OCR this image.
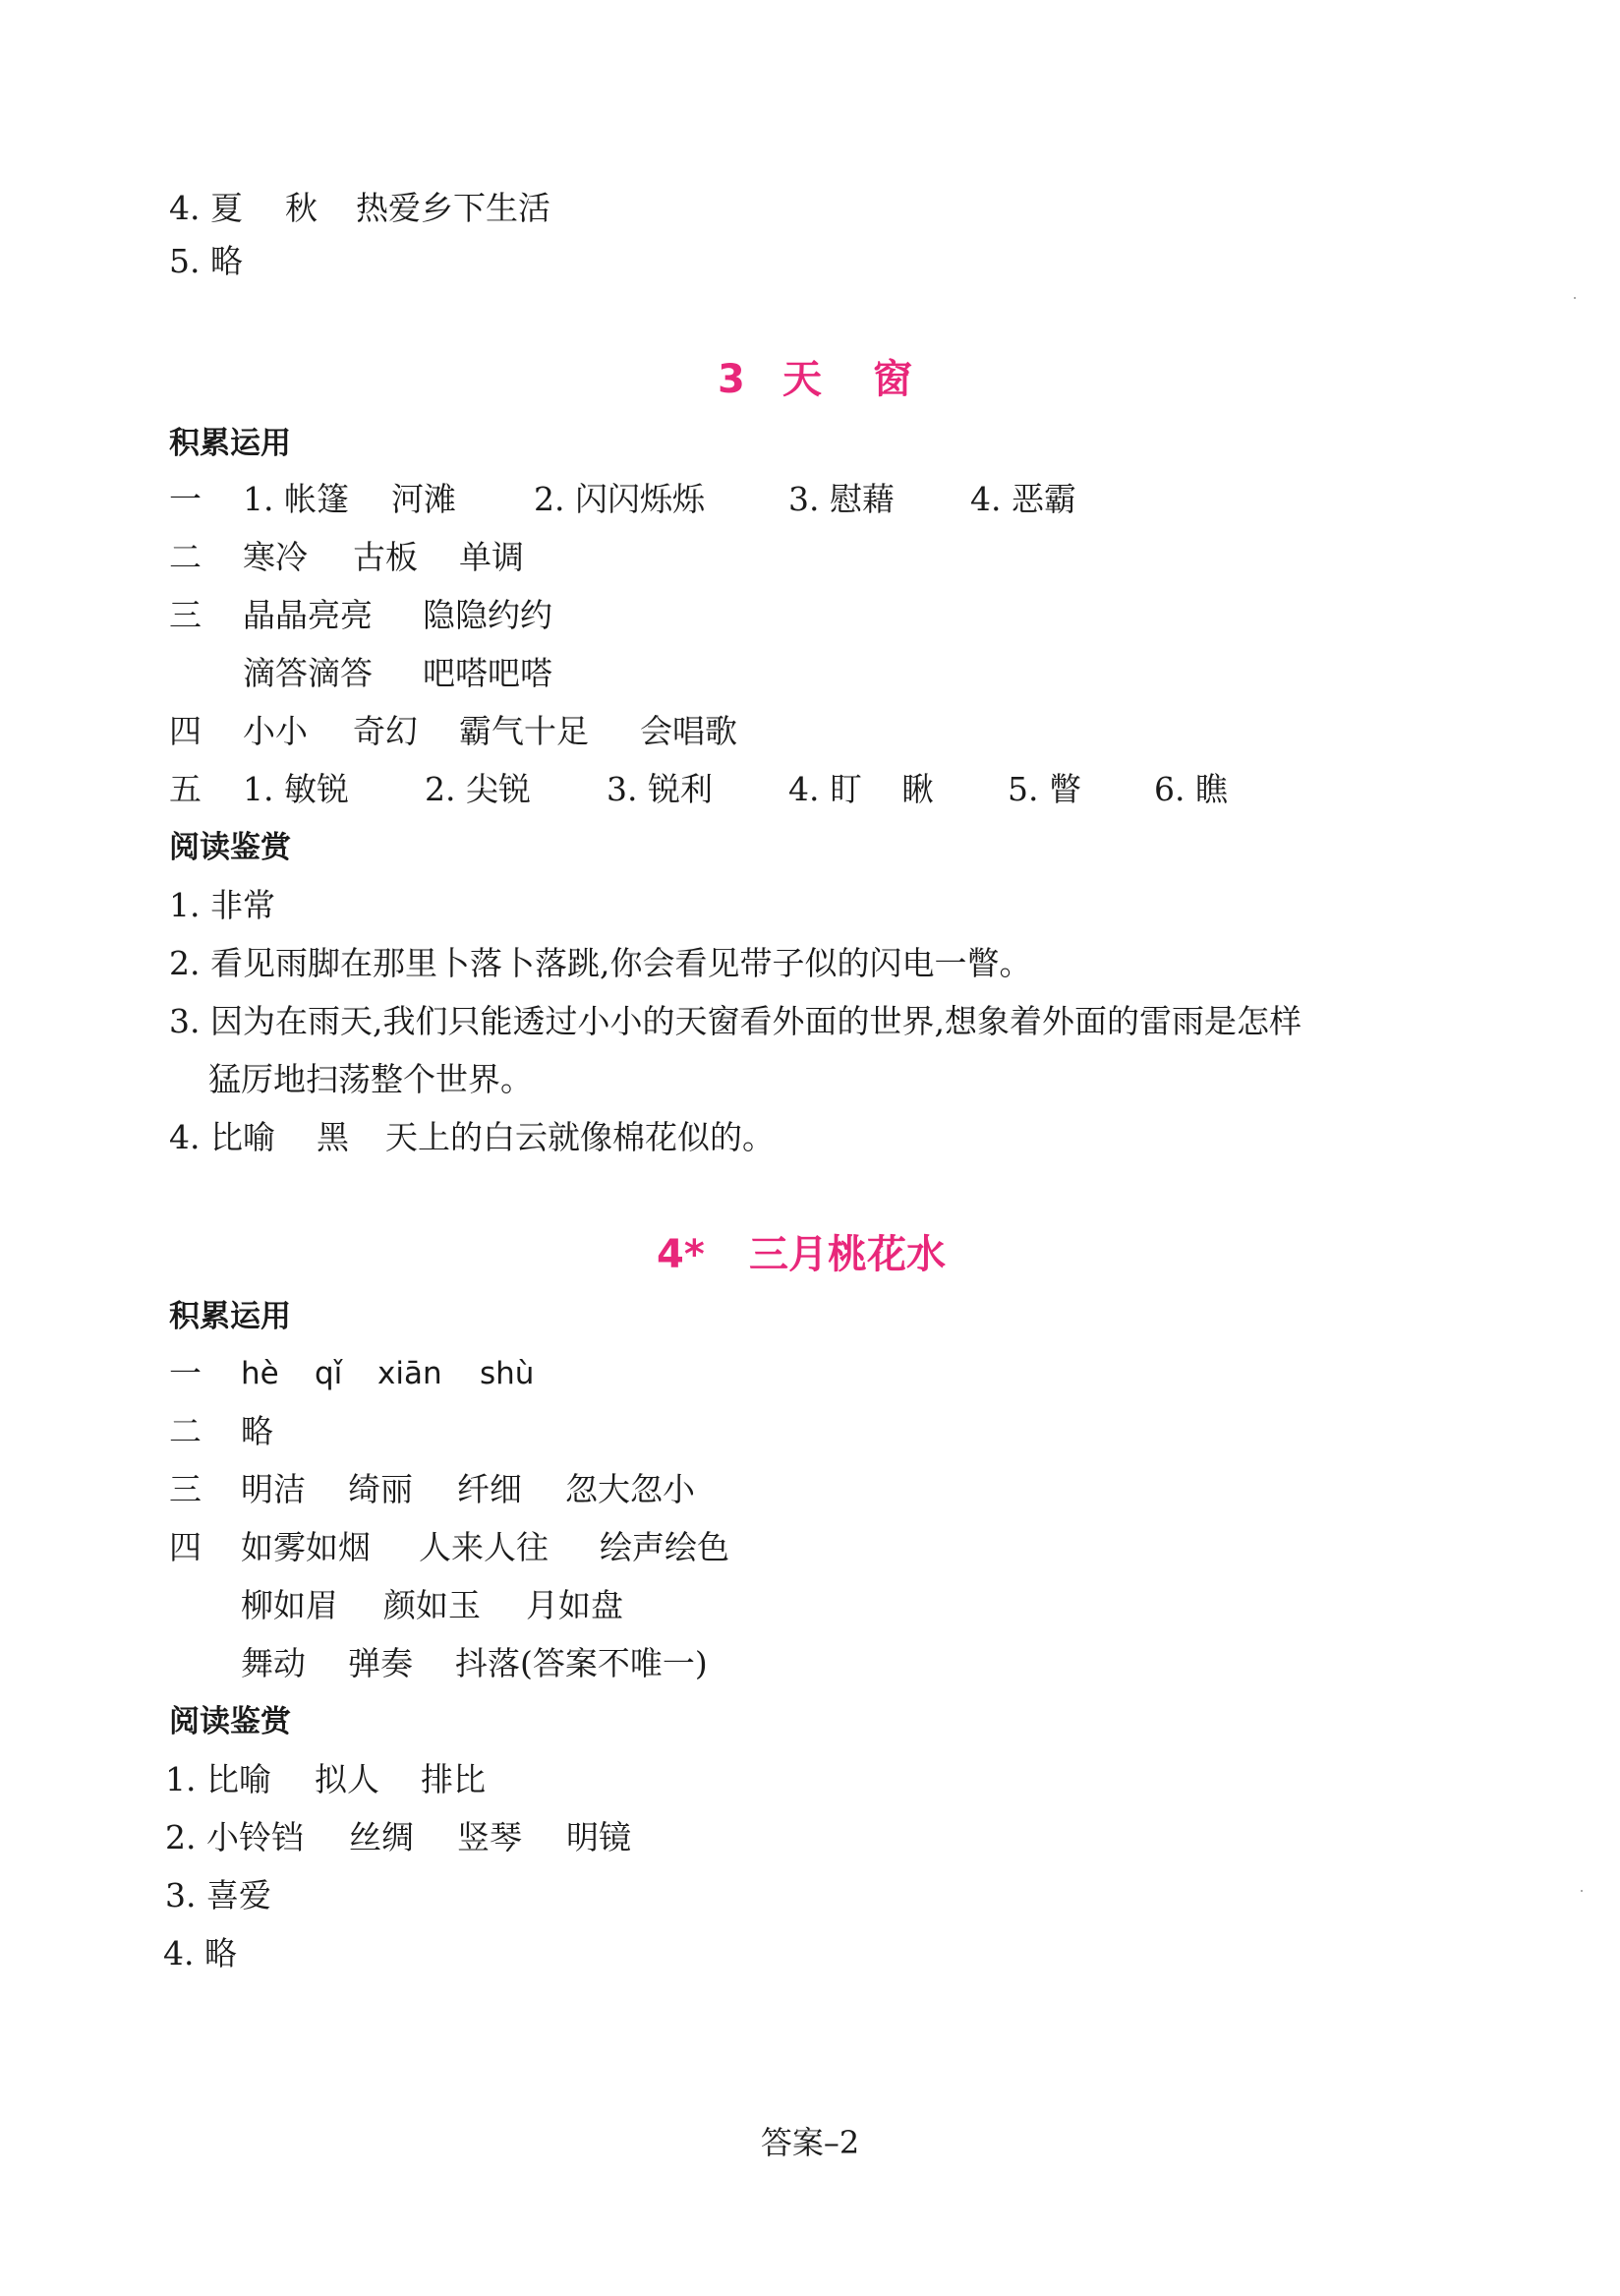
4. 夏 秋 热爱乡下生活
5. 略
3 天 窗
积累运用
一 1. 帐篷 河滩 2. 闪闪烁烁	3. 慰藉 4. 恶霸
二 寒冷 古板 单调
三 晶晶亮亮 隐隐约约
滴答滴答 吧嗒吧嗒
四 小小 奇幻 霸气十足 会唱歌
五 1. 敏锐 2. 尖锐 3. 锐利 4. 盯 瞅 5. 瞥 6. 瞧
阅读鉴赏
1. 非常
2. 看见雨脚在那里卜落卜落跳,你会看见带子似的闪电一瞥。
3. 因为在雨天,我们只能透过小小的天窗看外面的世界,想象着外面的雷雨是怎样
猛厉地扫荡整个世界。
4. 比喻 黑 天上的白云就像棉花似的。
4* 三月桃花水
积累运用
一 hè qǐ xiān shù
二 略
三 明洁 绮丽 纤细 忽大忽小
四 如雾如烟 人来人往 绘声绘色
柳如眉 颜如玉 月如盘
舞动 弹奏 抖落(答案不唯一)
阅读鉴赏
1. 比喻 拟人 排比
2. 小铃铛 丝绸 竖琴 明镜
3. 喜爱
4. 略
答案–2
